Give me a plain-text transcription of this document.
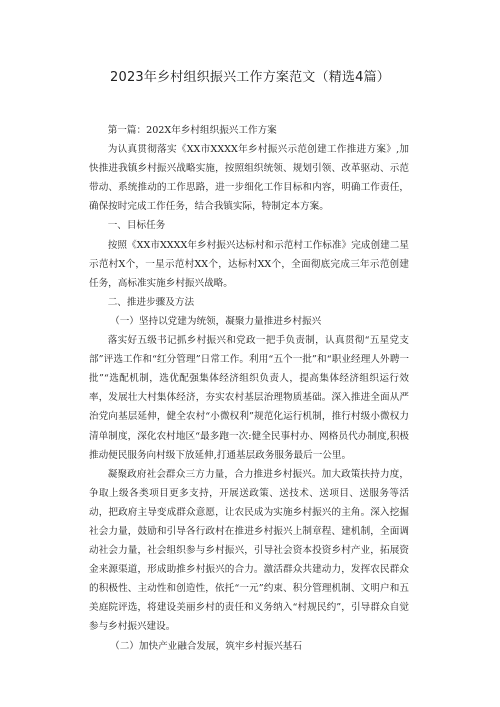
2023年乡村组织振兴工作方案范文（精选4篇）

第一篇：202X年乡村组织振兴工作方案

为认真贯彻落实《XX市XXXX年乡村振兴示范创建工作推进方案》,加快推进我镇乡村振兴战略实施，按照组织统领、规划引领、改革驱动、示范带动、系统推动的工作思路，进一步细化工作目标和内容，明确工作责任，确保按时完成工作任务，结合我镇实际，特制定本方案。

一、目标任务

按照《XX市XXXX年乡村振兴达标村和示范村工作标准》完成创建二星示范村X个，一星示范村XX个，达标村XX个，全面彻底完成三年示范创建任务，高标准实施乡村振兴战略。

二、推进步骤及方法

（一）坚持以党建为统领，凝聚力量推进乡村振兴

落实好五级书记抓乡村振兴和党政一把手负责制，认真贯彻“五星党支部”评选工作和“红分管理”日常工作。利用“五个一批”和“职业经理人外聘一批”“选配机制，选优配强集体经济组织负责人，提高集体经济组织运行效率，发展壮大村集体经济，夯实农村基层治理物质基础。深入推进全面从严治党向基层延伸，健全农村“小微权利”规范化运行机制，推行村级小微权力清单制度，深化农村地区“最多跑一次:健全民事村办、网格员代办制度,积极推动便民服务向村级下放延伸,打通基层政务服务最后一公里。

凝聚政府社会群众三方力量，合力推进乡村振兴。加大政策扶持力度，争取上级各类项目更多支持，开展送政策、送技术、送项目、送服务等活动，把政府主导变成群众意愿，让农民成为实施乡村振兴的主角。深入挖掘社会力量，鼓励和引导各行政村在推进乡村振兴上制章程、建机制，全面调动社会力量，社会组织参与乡村振兴，引导社会资本投资乡村产业，拓展资金来源渠道，形成助推乡村振兴的合力。激活群众共建动力，发挥农民群众的积极性、主动性和创造性，依托“一元”约束、积分管理机制、文明户和五美庭院评选，将建设美丽乡村的责任和义务纳入“村规民约”，引导群众自觉参与乡村振兴建设。

（二）加快产业融合发展，筑牢乡村振兴基石
